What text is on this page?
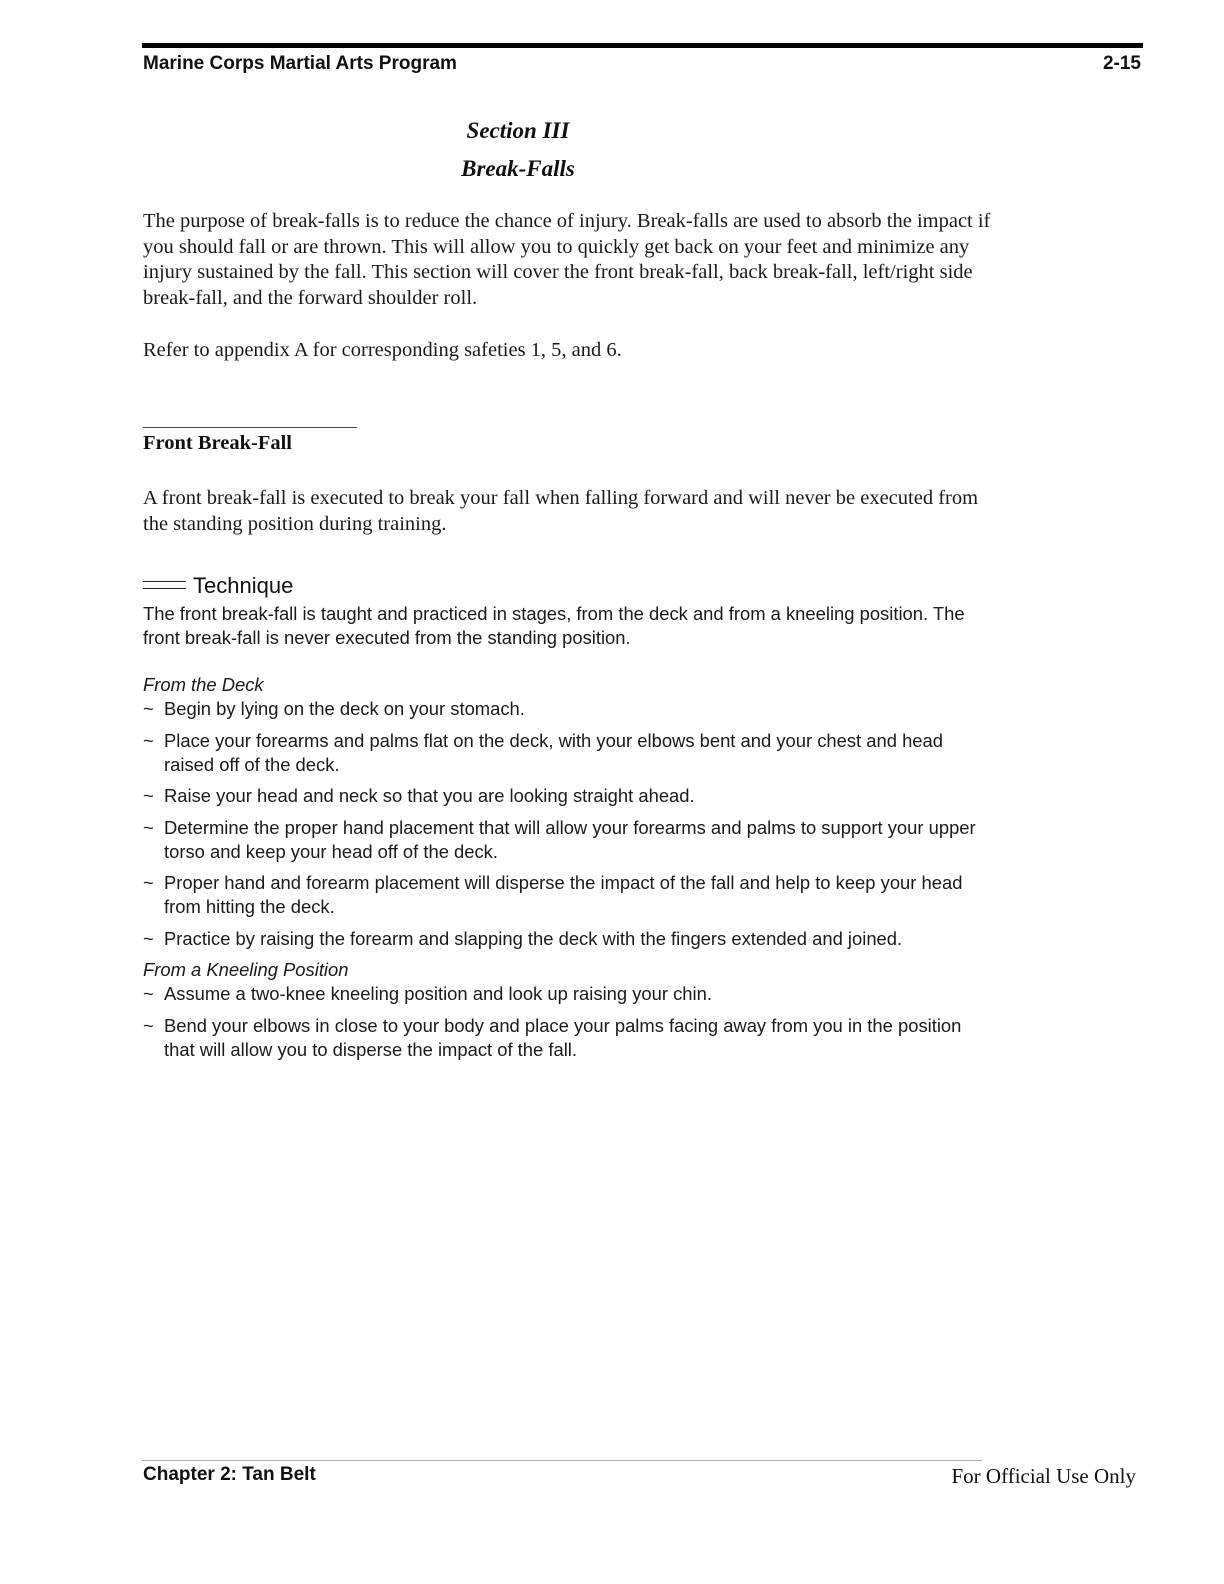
Marine Corps Martial Arts Program	2-15
Section III
Break-Falls

The purpose of break-falls is to reduce the chance of injury. Break-falls are used to absorb the impact if you should fall or are thrown. This will allow you to quickly get back on your feet and minimize any injury sustained by the fall. This section will cover the front break-fall, back break-fall, left/right side break-fall, and the forward shoulder roll.

Refer to appendix A for corresponding safeties 1, 5, and 6.

Front Break-Fall

A front break-fall is executed to break your fall when falling forward and will never be executed from the standing position during training.

Technique

The front break-fall is taught and practiced in stages, from the deck and from a kneeling position. The front break-fall is never executed from the standing position.

From the Deck
~ Begin by lying on the deck on your stomach.
~ Place your forearms and palms flat on the deck, with your elbows bent and your chest and head raised off of the deck.
~ Raise your head and neck so that you are looking straight ahead.
~ Determine the proper hand placement that will allow your forearms and palms to support your upper torso and keep your head off of the deck.
~ Proper hand and forearm placement will disperse the impact of the fall and help to keep your head from hitting the deck.
~ Practice by raising the forearm and slapping the deck with the fingers extended and joined.
From a Kneeling Position
~ Assume a two-knee kneeling position and look up raising your chin.
~ Bend your elbows in close to your body and place your palms facing away from you in the position that will allow you to disperse the impact of the fall.
Chapter 2: Tan Belt	For Official Use Only
